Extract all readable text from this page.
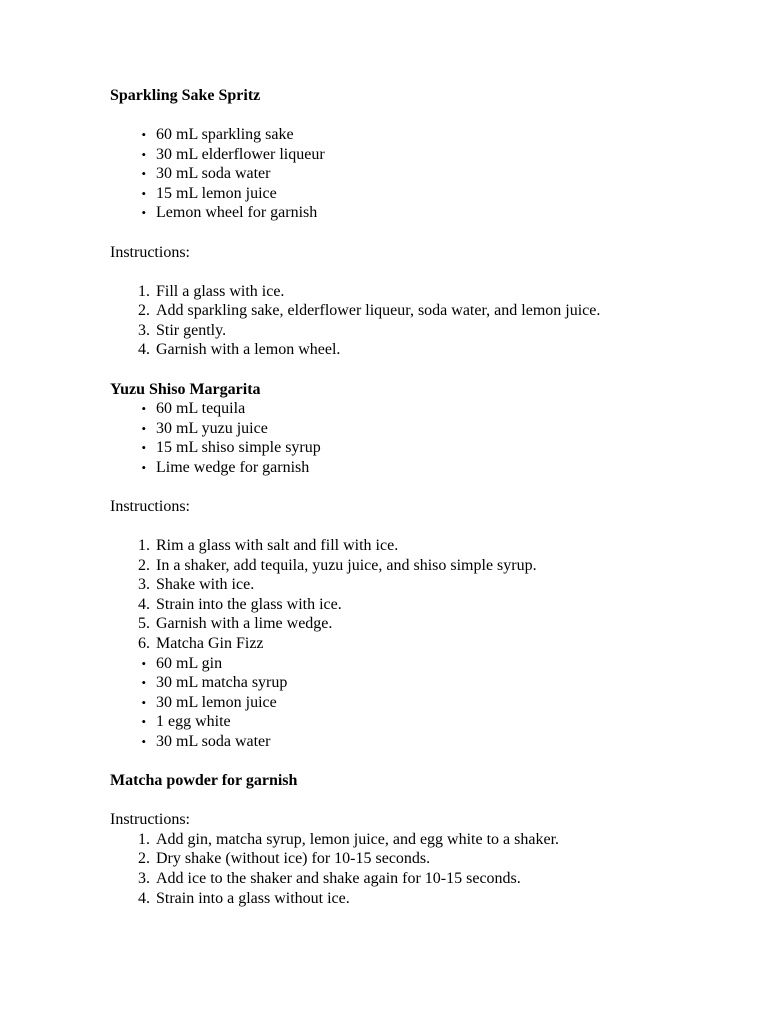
Sparkling Sake Spritz

• 60 mL sparkling sake
• 30 mL elderflower liqueur
• 30 mL soda water
• 15 mL lemon juice
• Lemon wheel for garnish

Instructions:

1. Fill a glass with ice.
2. Add sparkling sake, elderflower liqueur, soda water, and lemon juice.
3. Stir gently.
4. Garnish with a lemon wheel.

Yuzu Shiso Margarita

• 60 mL tequila
• 30 mL yuzu juice
• 15 mL shiso simple syrup
• Lime wedge for garnish

Instructions:

1. Rim a glass with salt and fill with ice.
2. In a shaker, add tequila, yuzu juice, and shiso simple syrup.
3. Shake with ice.
4. Strain into the glass with ice.
5. Garnish with a lime wedge.
6. Matcha Gin Fizz
• 60 mL gin
• 30 mL matcha syrup
• 30 mL lemon juice
• 1 egg white
• 30 mL soda water

Matcha powder for garnish

Instructions:

1. Add gin, matcha syrup, lemon juice, and egg white to a shaker.
2. Dry shake (without ice) for 10-15 seconds.
3. Add ice to the shaker and shake again for 10-15 seconds.
4. Strain into a glass without ice.
